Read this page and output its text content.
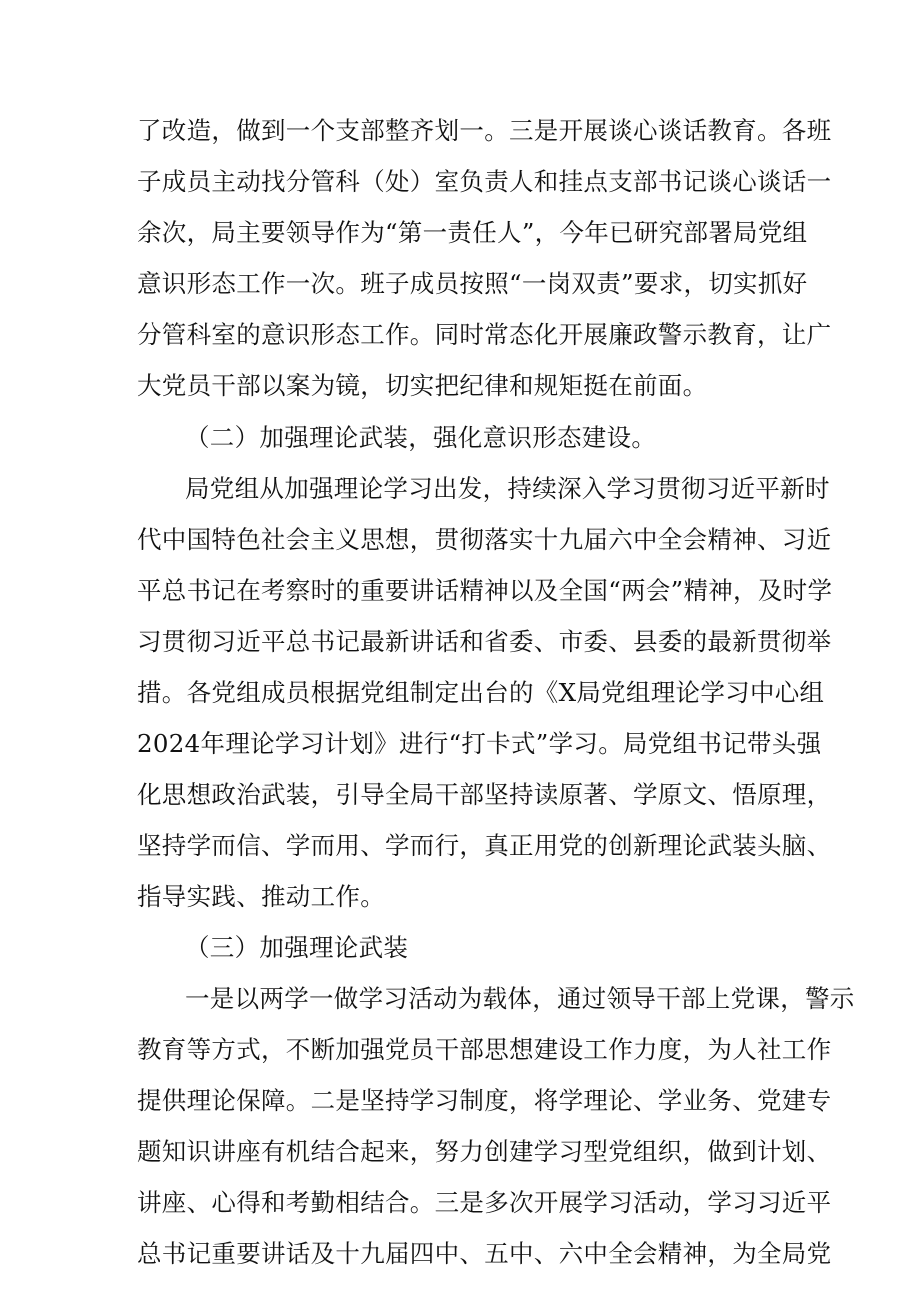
了改造，做到一个支部整齐划一。三是开展谈心谈话教育。各班
子成员主动找分管科（处）室负责人和挂点支部书记谈心谈话一
余次，局主要领导作为“第一责任人”，今年已研究部署局党组
意识形态工作一次。班子成员按照“一岗双责”要求，切实抓好
分管科室的意识形态工作。同时常态化开展廉政警示教育，让广
大党员干部以案为镜，切实把纪律和规矩挺在前面。
（二）加强理论武装，强化意识形态建设。
局党组从加强理论学习出发，持续深入学习贯彻习近平新时
代中国特色社会主义思想，贯彻落实十九届六中全会精神、习近
平总书记在考察时的重要讲话精神以及全国“两会”精神，及时学
习贯彻习近平总书记最新讲话和省委、市委、县委的最新贯彻举
措。各党组成员根据党组制定出台的《X局党组理论学习中心组
2024年理论学习计划》进行“打卡式”学习。局党组书记带头强
化思想政治武装，引导全局干部坚持读原著、学原文、悟原理，
坚持学而信、学而用、学而行，真正用党的创新理论武装头脑、
指导实践、推动工作。
（三）加强理论武装
一是以两学一做学习活动为载体，通过领导干部上党课，警示
教育等方式，不断加强党员干部思想建设工作力度，为人社工作
提供理论保障。二是坚持学习制度，将学理论、学业务、党建专
题知识讲座有机结合起来，努力创建学习型党组织，做到计划、
讲座、心得和考勤相结合。三是多次开展学习活动，学习习近平
总书记重要讲话及十九届四中、五中、六中全会精神，为全局党
